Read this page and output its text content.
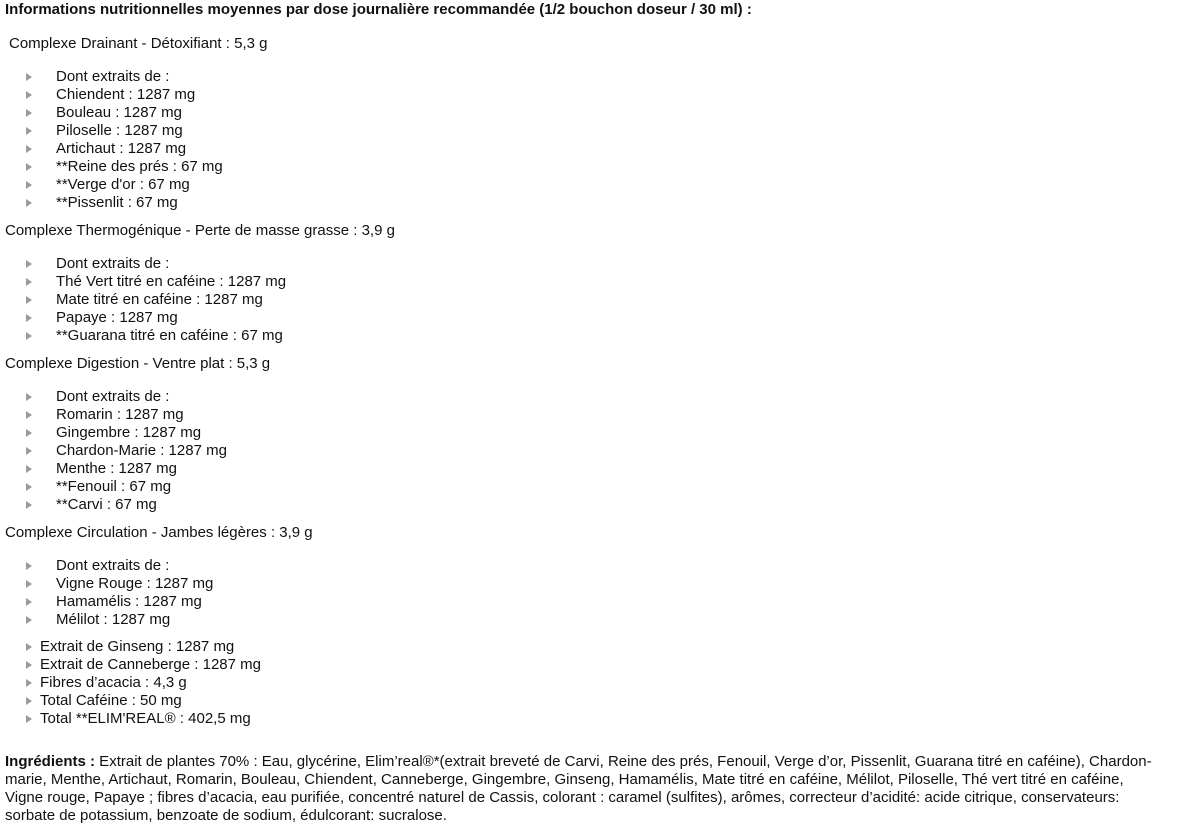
Informations nutritionnelles moyennes par dose journalière recommandée (1/2 bouchon doseur / 30 ml) :
Complexe Drainant - Détoxifiant : 5,3 g
Dont extraits de :
Chiendent : 1287 mg
Bouleau : 1287 mg
Piloselle : 1287 mg
Artichaut : 1287 mg
**Reine des prés : 67 mg
**Verge d'or : 67 mg
**Pissenlit : 67 mg
Complexe Thermogénique - Perte de masse grasse : 3,9 g
Dont extraits de :
Thé Vert titré en caféine : 1287 mg
Mate titré en caféine : 1287 mg
Papaye : 1287 mg
**Guarana titré en caféine : 67 mg
Complexe Digestion - Ventre plat : 5,3 g
Dont extraits de :
Romarin : 1287 mg
Gingembre : 1287 mg
Chardon-Marie : 1287 mg
Menthe : 1287 mg
**Fenouil : 67 mg
**Carvi : 67 mg
Complexe Circulation - Jambes légères : 3,9 g
Dont extraits de :
Vigne Rouge : 1287 mg
Hamamélis : 1287 mg
Mélilot : 1287 mg
Extrait de Ginseng : 1287 mg
Extrait de Canneberge : 1287 mg
Fibres d’acacia : 4,3 g
Total Caféine : 50 mg
Total **ELIM'REAL® : 402,5 mg
Ingrédients : Extrait de plantes 70% : Eau, glycérine, Elim’real®*(extrait breveté de Carvi, Reine des prés, Fenouil, Verge d’or, Pissenlit, Guarana titré en caféine), Chardon-marie, Menthe, Artichaut, Romarin, Bouleau, Chiendent, Canneberge, Gingembre, Ginseng, Hamamélis, Mate titré en caféine, Mélilot, Piloselle, Thé vert titré en caféine, Vigne rouge, Papaye ; fibres d’acacia, eau purifiée, concentré naturel de Cassis, colorant : caramel (sulfites), arômes, correcteur d’acidité: acide citrique, conservateurs: sorbate de potassium, benzoate de sodium, édulcorant: sucralose.
